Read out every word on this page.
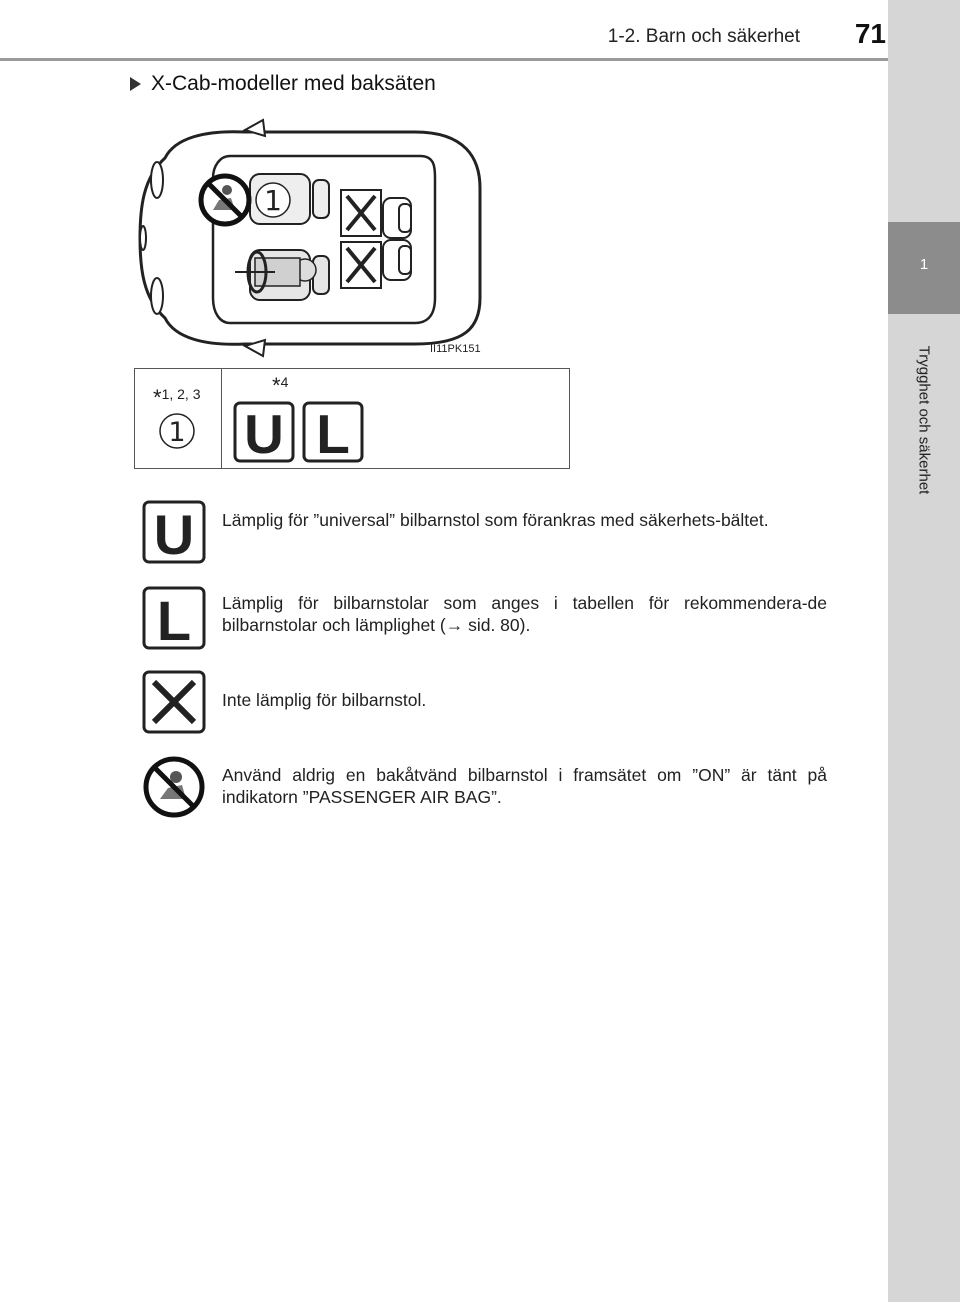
1
Trygghet och säkerhet
1-2. Barn och säkerhet	71
X-Cab-modeller med baksäten
1
II11PK151
*1, 2, 3
1
*4
U L
U Lämplig för ”universal” bilbarnstol som förankras med säkerhets-bältet.
L Lämplig för bilbarnstolar som anges i tabellen för rekommendera-de bilbarnstolar och lämplighet (→ sid. 80).
Inte lämplig för bilbarnstol.
Använd aldrig en bakåtvänd bilbarnstol i framsätet om ”ON” är tänt på indikatorn ”PASSENGER AIR BAG”.
